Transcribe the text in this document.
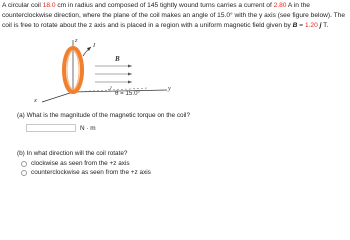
A circular coil 18.0 cm in radius and composed of 145 tightly wound turns carries a current of 2.80 A in the counterclockwise direction, where the plane of the coil makes an angle of 15.0° with the y axis (see figure below). The coil is free to rotate about the z axis and is placed in a region with a uniform magnetic field given by B = 1.20 ĵ T.
z
y
x
I
B
θ = 15.0°
(a) What is the magnitude of the magnetic torque on the coil?
N · m
(b) In what direction will the coil rotate?
clockwise as seen from the +z axis
counterclockwise as seen from the +z axis
